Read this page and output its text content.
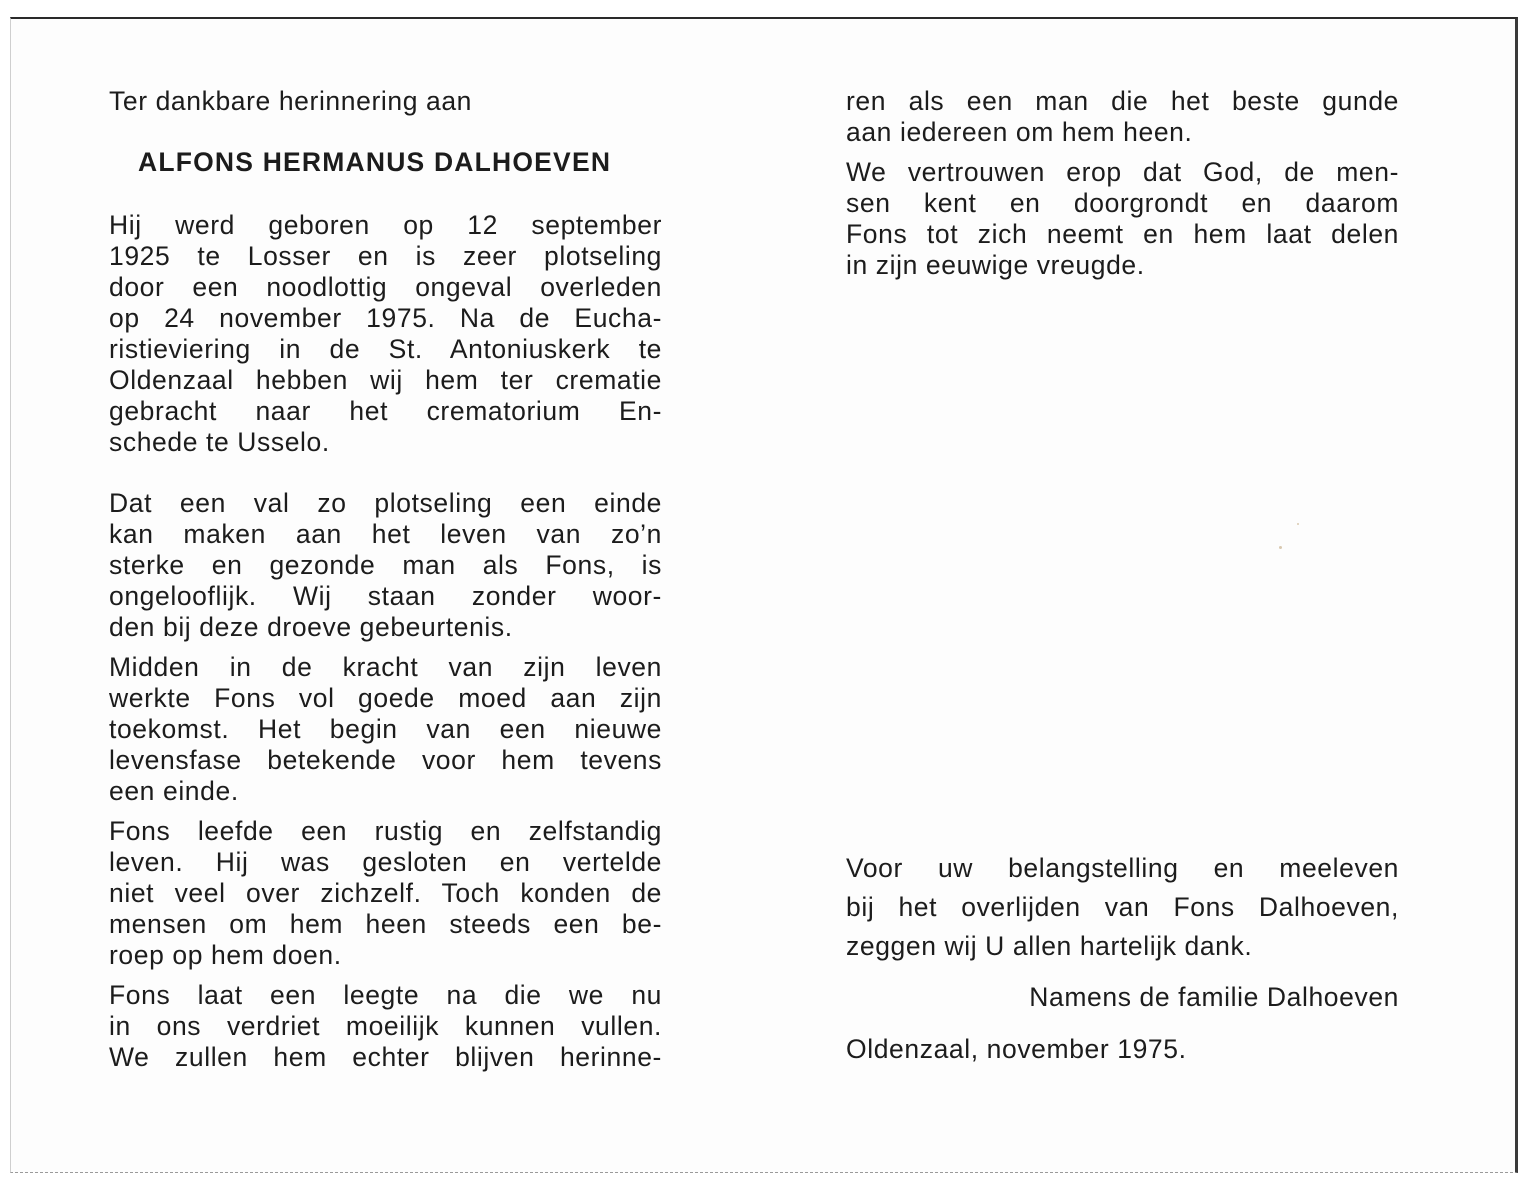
Ter dankbare herinnering aan
ALFONS HERMANUS DALHOEVEN
Hij werd geboren op 12 september
1925 te Losser en is zeer plotseling
door een noodlottig ongeval overleden
op 24 november 1975. Na de Eucha-
ristieviering in de St. Antoniuskerk te
Oldenzaal hebben wij hem ter crematie
gebracht naar het crematorium En-
schede te Usselo.
Dat een val zo plotseling een einde
kan maken aan het leven van zo’n
sterke en gezonde man als Fons, is
ongelooflijk. Wij staan zonder woor-
den bij deze droeve gebeurtenis.
Midden in de kracht van zijn leven
werkte Fons vol goede moed aan zijn
toekomst. Het begin van een nieuwe
levensfase betekende voor hem tevens
een einde.
Fons leefde een rustig en zelfstandig
leven. Hij was gesloten en vertelde
niet veel over zichzelf. Toch konden de
mensen om hem heen steeds een be-
roep op hem doen.
Fons laat een leegte na die we nu
in ons verdriet moeilijk kunnen vullen.
We zullen hem echter blijven herinne-
ren als een man die het beste gunde
aan iedereen om hem heen.
We vertrouwen erop dat God, de men-
sen kent en doorgrondt en daarom
Fons tot zich neemt en hem laat delen
in zijn eeuwige vreugde.
Voor uw belangstelling en meeleven
bij het overlijden van Fons Dalhoeven,
zeggen wij U allen hartelijk dank.
Namens de familie Dalhoeven
Oldenzaal, november 1975.
